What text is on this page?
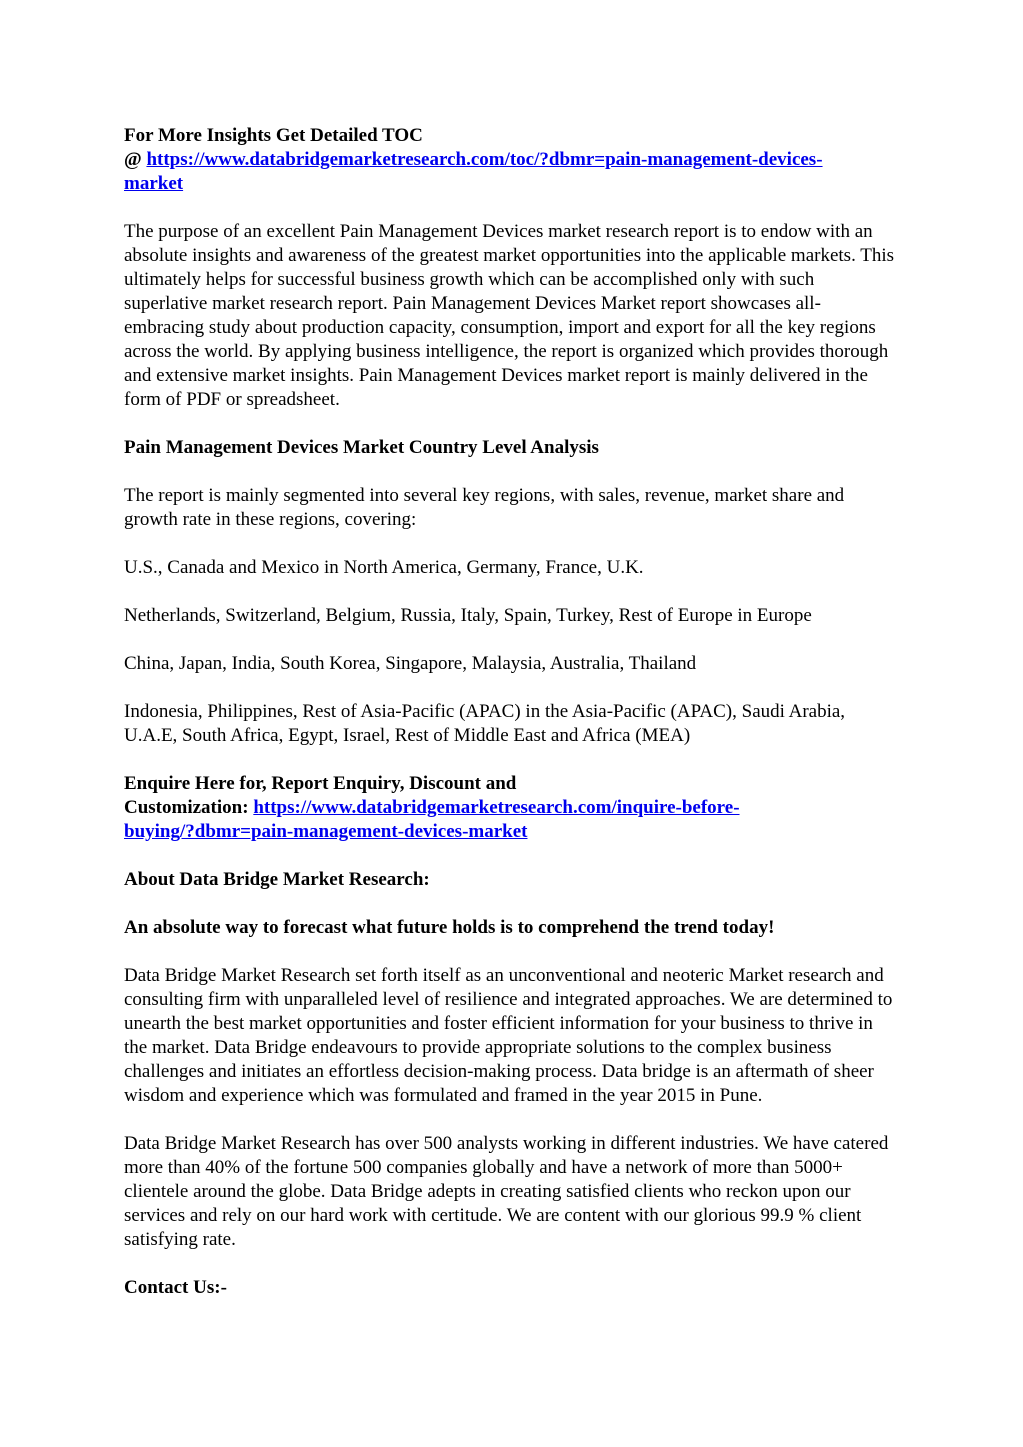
For More Insights Get Detailed TOC
@ https://www.databridgemarketresearch.com/toc/?dbmr=pain-management-devices-
market

The purpose of an excellent Pain Management Devices market research report is to endow with an absolute insights and awareness of the greatest market opportunities into the applicable markets. This ultimately helps for successful business growth which can be accomplished only with such superlative market research report. Pain Management Devices Market report showcases all-embracing study about production capacity, consumption, import and export for all the key regions across the world. By applying business intelligence, the report is organized which provides thorough and extensive market insights. Pain Management Devices market report is mainly delivered in the form of PDF or spreadsheet.

Pain Management Devices Market Country Level Analysis

The report is mainly segmented into several key regions, with sales, revenue, market share and growth rate in these regions, covering:

U.S., Canada and Mexico in North America, Germany, France, U.K.

Netherlands, Switzerland, Belgium, Russia, Italy, Spain, Turkey, Rest of Europe in Europe

China, Japan, India, South Korea, Singapore, Malaysia, Australia, Thailand

Indonesia, Philippines, Rest of Asia-Pacific (APAC) in the Asia-Pacific (APAC), Saudi Arabia, U.A.E, South Africa, Egypt, Israel, Rest of Middle East and Africa (MEA)

Enquire Here for, Report Enquiry, Discount and
Customization: https://www.databridgemarketresearch.com/inquire-before-
buying/?dbmr=pain-management-devices-market

About Data Bridge Market Research:

An absolute way to forecast what future holds is to comprehend the trend today!

Data Bridge Market Research set forth itself as an unconventional and neoteric Market research and consulting firm with unparalleled level of resilience and integrated approaches. We are determined to unearth the best market opportunities and foster efficient information for your business to thrive in the market. Data Bridge endeavours to provide appropriate solutions to the complex business challenges and initiates an effortless decision-making process. Data bridge is an aftermath of sheer wisdom and experience which was formulated and framed in the year 2015 in Pune.

Data Bridge Market Research has over 500 analysts working in different industries. We have catered more than 40% of the fortune 500 companies globally and have a network of more than 5000+ clientele around the globe. Data Bridge adepts in creating satisfied clients who reckon upon our services and rely on our hard work with certitude. We are content with our glorious 99.9 % client satisfying rate.

Contact Us:-
